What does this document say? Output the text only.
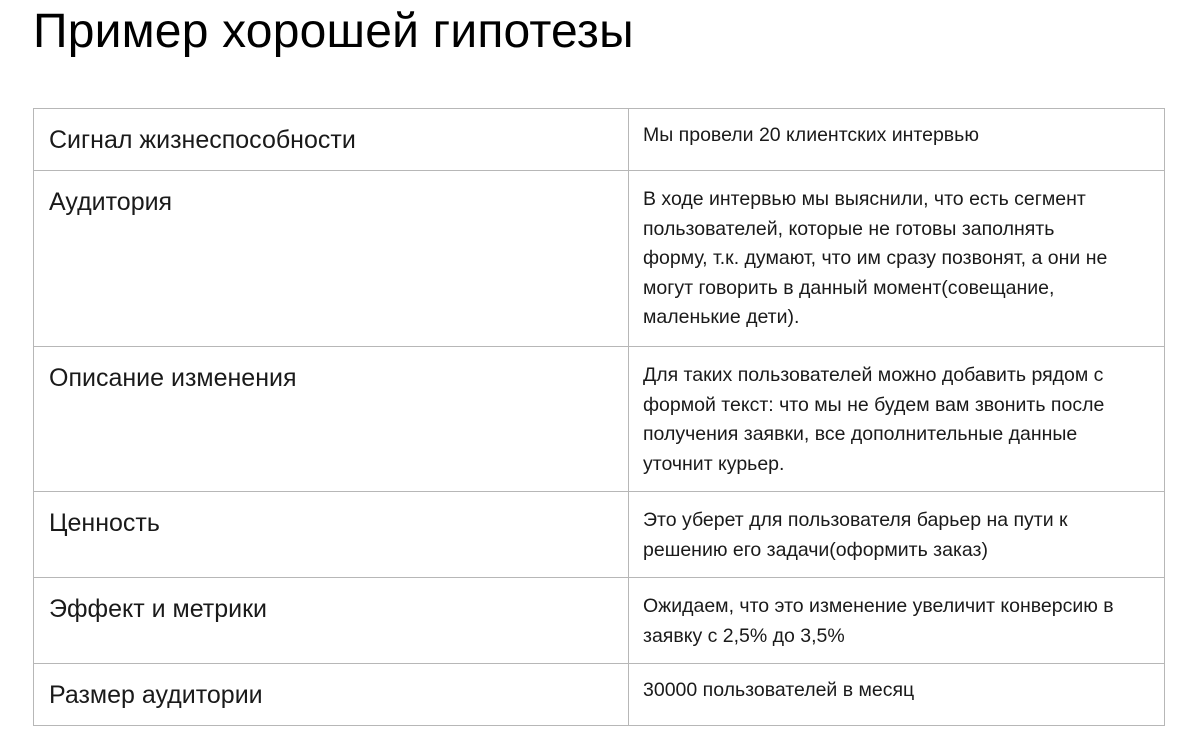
Пример хорошей гипотезы
Сигнал жизнеспособности	Мы провели 20 клиентских интервью
Аудитория	В ходе интервью мы выяснили, что есть сегмент
пользователей, которые не готовы заполнять
форму, т.к. думают, что им сразу позвонят, а они не
могут говорить в данный момент(совещание,
маленькие дети).

Описание изменения	Для таких пользователей можно добавить рядом с
формой текст: что мы не будем вам звонить после
получения заявки, все дополнительные данные
уточнит курьер.

Ценность	Это уберет для пользователя барьер на пути к
решению его задачи(оформить заказ)

Эффект и метрики	Ожидаем, что это изменение увеличит конверсию в
заявку с 2,5% до 3,5%

Размер аудитории	30000 пользователей в месяц
